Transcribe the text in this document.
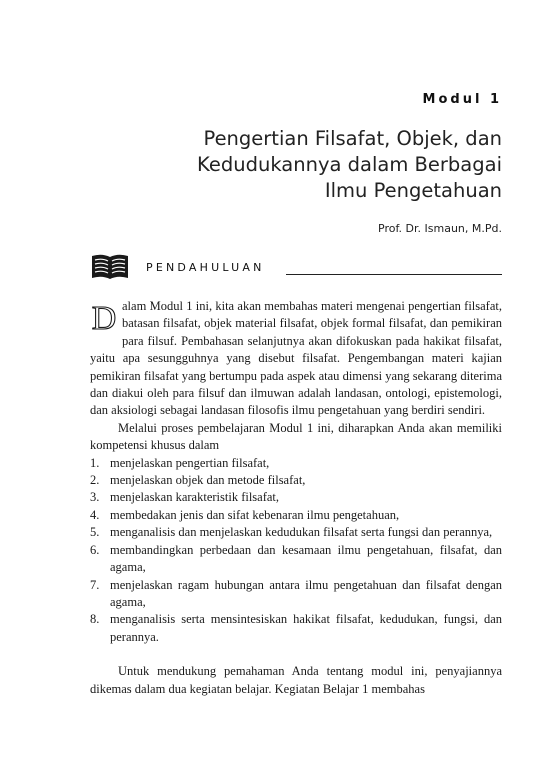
Modul 1
Pengertian Filsafat, Objek, dan
Kedudukannya dalam Berbagai
Ilmu Pengetahuan
Prof. Dr. Ismaun, M.Pd.
PENDAHULUAN

D alam Modul 1 ini, kita akan membahas materi mengenai pengertian filsafat, batasan filsafat, objek material filsafat, objek formal filsafat, dan pemikiran para filsuf. Pembahasan selanjutnya akan difokuskan pada hakikat filsafat, yaitu apa sesungguhnya yang disebut filsafat. Pengembangan materi kajian pemikiran filsafat yang bertumpu pada aspek atau dimensi yang sekarang diterima dan diakui oleh para filsuf dan ilmuwan adalah landasan, ontologi, epistemologi, dan aksiologi sebagai landasan filosofis ilmu pengetahuan yang berdiri sendiri.

Melalui proses pembelajaran Modul 1 ini, diharapkan Anda akan memiliki kompetensi khusus dalam

1. menjelaskan pengertian filsafat,
2. menjelaskan objek dan metode filsafat,
3. menjelaskan karakteristik filsafat,
4. membedakan jenis dan sifat kebenaran ilmu pengetahuan,
5. menganalisis dan menjelaskan kedudukan filsafat serta fungsi dan perannya,
6. membandingkan perbedaan dan kesamaan ilmu pengetahuan, filsafat, dan agama,
7. menjelaskan ragam hubungan antara ilmu pengetahuan dan filsafat dengan agama,
8. menganalisis serta mensintesiskan hakikat filsafat, kedudukan, fungsi, dan perannya.

Untuk mendukung pemahaman Anda tentang modul ini, penyajiannya dikemas dalam dua kegiatan belajar. Kegiatan Belajar 1 membahas
